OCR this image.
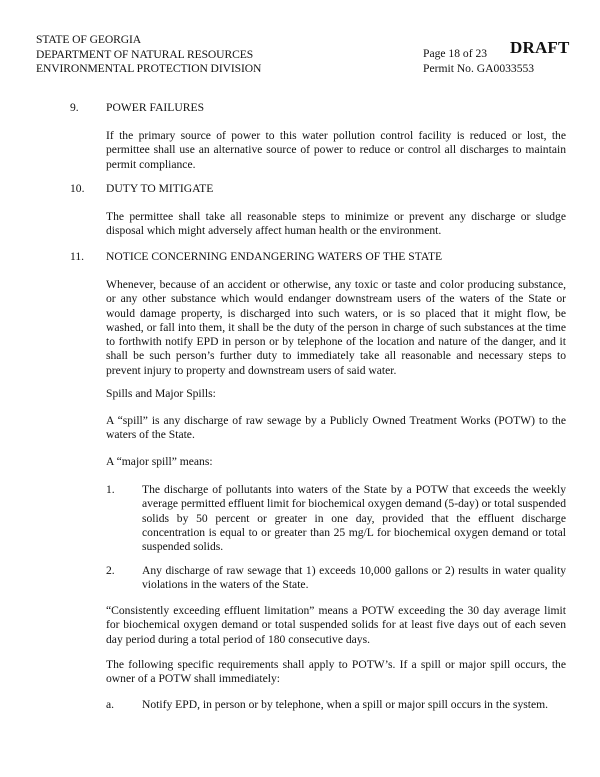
STATE OF GEORGIA
DEPARTMENT OF NATURAL RESOURCES
ENVIRONMENTAL PROTECTION DIVISION
Page 18 of 23
Permit No. GA0033553
DRAFT
9. POWER FAILURES
If the primary source of power to this water pollution control facility is reduced or lost, the permittee shall use an alternative source of power to reduce or control all discharges to maintain permit compliance.
10. DUTY TO MITIGATE
The permittee shall take all reasonable steps to minimize or prevent any discharge or sludge disposal which might adversely affect human health or the environment.
11. NOTICE CONCERNING ENDANGERING WATERS OF THE STATE
Whenever, because of an accident or otherwise, any toxic or taste and color producing substance, or any other substance which would endanger downstream users of the waters of the State or would damage property, is discharged into such waters, or is so placed that it might flow, be washed, or fall into them, it shall be the duty of the person in charge of such substances at the time to forthwith notify EPD in person or by telephone of the location and nature of the danger, and it shall be such person’s further duty to immediately take all reasonable and necessary steps to prevent injury to property and downstream users of said water.
Spills and Major Spills:
A “spill” is any discharge of raw sewage by a Publicly Owned Treatment Works (POTW) to the waters of the State.
A “major spill” means:
1. The discharge of pollutants into waters of the State by a POTW that exceeds the weekly average permitted effluent limit for biochemical oxygen demand (5-day) or total suspended solids by 50 percent or greater in one day, provided that the effluent discharge concentration is equal to or greater than 25 mg/L for biochemical oxygen demand or total suspended solids.
2. Any discharge of raw sewage that 1) exceeds 10,000 gallons or 2) results in water quality violations in the waters of the State.
“Consistently exceeding effluent limitation” means a POTW exceeding the 30 day average limit for biochemical oxygen demand or total suspended solids for at least five days out of each seven day period during a total period of 180 consecutive days.
The following specific requirements shall apply to POTW’s. If a spill or major spill occurs, the owner of a POTW shall immediately:
a. Notify EPD, in person or by telephone, when a spill or major spill occurs in the system.
